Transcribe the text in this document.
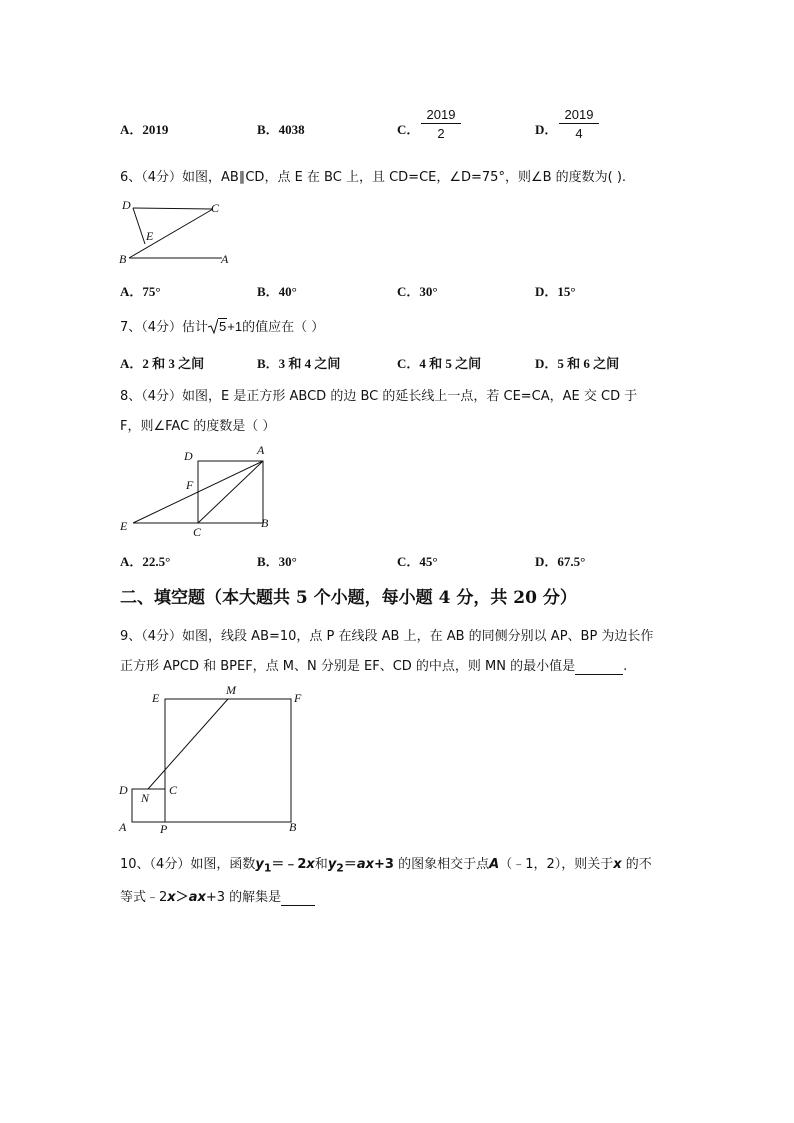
A．2019	B．4038	C．
2019
2	D．
2019
4
6、（4分）如图，AB∥CD，点 E 在 BC 上，且 CD=CE，∠D=75°，则∠B 的度数为( ).
D	C
E
B	A
A．75°	B．40°	C．30°	D．15°
7、（4分）估计 5+1的值应在（ ）
A．2 和 3 之间	B．3 和 4 之间	C．4 和 5 之间	D．5 和 6 之间
8、（4分）如图，E 是正方形 ABCD 的边 BC 的延长线上一点，若 CE=CA，AE 交 CD 于
F，则∠FAC 的度数是（ ）
D	A
F
E	C
B
A．22.5°	B．30°	C．45°	D．67.5°
二、填空题（本大题共 5 个小题，每小题 4 分，共 20 分）
9、（4分）如图，线段 AB=10，点 P 在线段 AB 上，在 AB 的同侧分别以 AP、BP 为边长作
正方形 APCD 和 BPEF，点 M、N 分别是 EF、CD 的中点，则 MN 的最小值是	.
E
M
F
D
N
C
A	P	B
10、（4分）如图，函数$y_1=﹣2x$和$y_2=ax+3$ 的图象相交于点A（﹣1，2），则关于x 的不
等式﹣2x＞ax+3 的解集是
